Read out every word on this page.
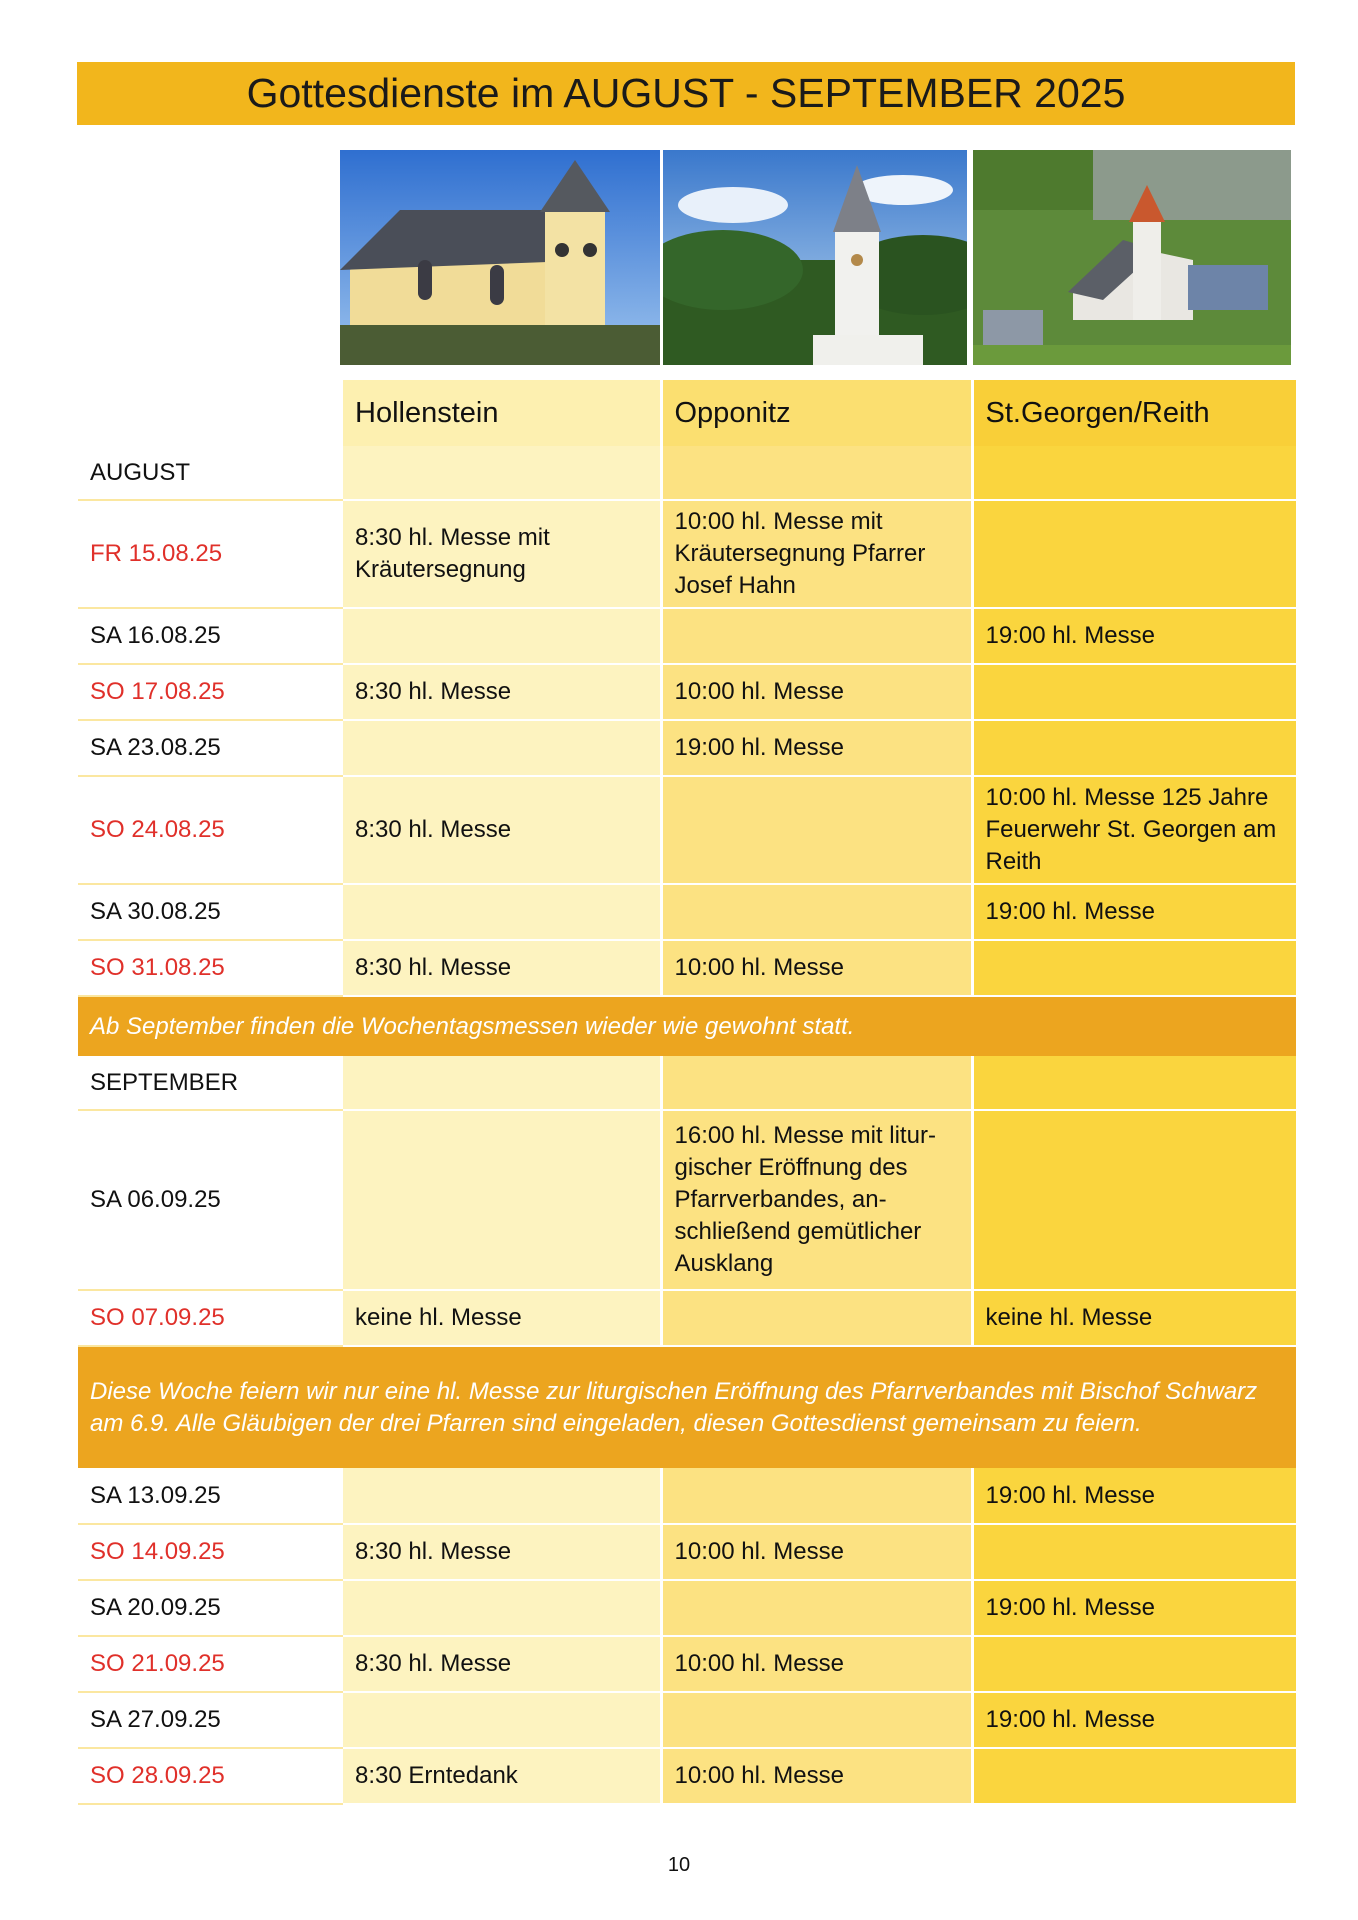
Gottesdienste im AUGUST - SEPTEMBER 2025
	Hollenstein	Opponitz	St.Georgen/Reith
AUGUST			
FR 15.08.25	8:30 hl. Messe mit Kräutersegnung	10:00 hl. Messe mit Kräutersegnung Pfarrer Josef Hahn	
SA 16.08.25			19:00 hl. Messe
SO 17.08.25	8:30 hl. Messe	10:00 hl. Messe	
SA 23.08.25		19:00 hl. Messe	
SO 24.08.25	8:30 hl. Messe		10:00 hl. Messe 125 Jahre Feuerwehr St. Georgen am Reith
SA 30.08.25			19:00 hl. Messe
SO 31.08.25	8:30 hl. Messe	10:00 hl. Messe	
Ab September finden die Wochentagsmessen wieder wie gewohnt statt.			
SEPTEMBER			
SA 06.09.25		16:00 hl. Messe mit liturgischer Eröffnung des Pfarrverbandes, anschließend gemütlicher Ausklang	
SO 07.09.25	keine hl. Messe		keine hl. Messe
Diese Woche feiern wir nur eine hl. Messe zur liturgischen Eröffnung des Pfarrverbandes mit Bischof Schwarz am 6.9. Alle Gläubigen der drei Pfarren sind eingeladen, diesen Gottesdienst gemeinsam zu feiern.			
SA 13.09.25			19:00 hl. Messe
SO 14.09.25	8:30 hl. Messe	10:00 hl. Messe	
SA 20.09.25			19:00 hl. Messe
SO 21.09.25	8:30 hl. Messe	10:00 hl. Messe	
SA 27.09.25			19:00 hl. Messe
SO 28.09.25	8:30 Erntedank	10:00 hl. Messe	
10
